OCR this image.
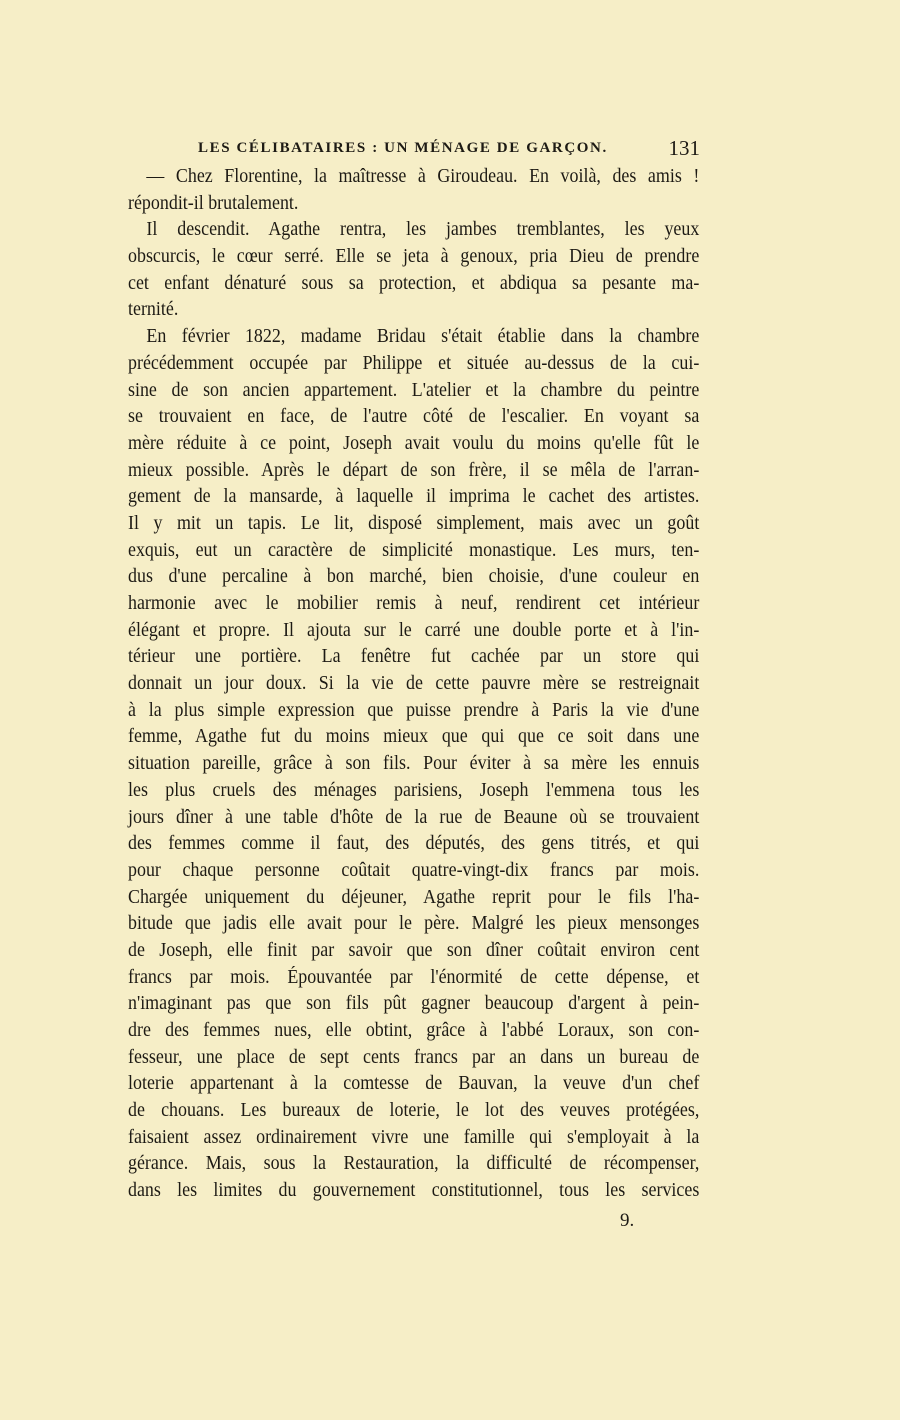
LES CÉLIBATAIRES : UN MÉNAGE DE GARÇON.	131
— Chez Florentine, la maîtresse à Giroudeau. En voilà, des amis !
répondit-il brutalement.
Il descendit. Agathe rentra, les jambes tremblantes, les yeux
obscurcis, le cœur serré. Elle se jeta à genoux, pria Dieu de prendre
cet enfant dénaturé sous sa protection, et abdiqua sa pesante ma-
ternité.
En février 1822, madame Bridau s'était établie dans la chambre
précédemment occupée par Philippe et située au-dessus de la cui-
sine de son ancien appartement. L'atelier et la chambre du peintre
se trouvaient en face, de l'autre côté de l'escalier. En voyant sa
mère réduite à ce point, Joseph avait voulu du moins qu'elle fût le
mieux possible. Après le départ de son frère, il se mêla de l'arran-
gement de la mansarde, à laquelle il imprima le cachet des artistes.
Il y mit un tapis. Le lit, disposé simplement, mais avec un goût
exquis, eut un caractère de simplicité monastique. Les murs, ten-
dus d'une percaline à bon marché, bien choisie, d'une couleur en
harmonie avec le mobilier remis à neuf, rendirent cet intérieur
élégant et propre. Il ajouta sur le carré une double porte et à l'in-
térieur une portière. La fenêtre fut cachée par un store qui
donnait un jour doux. Si la vie de cette pauvre mère se restreignait
à la plus simple expression que puisse prendre à Paris la vie d'une
femme, Agathe fut du moins mieux que qui que ce soit dans une
situation pareille, grâce à son fils. Pour éviter à sa mère les ennuis
les plus cruels des ménages parisiens, Joseph l'emmena tous les
jours dîner à une table d'hôte de la rue de Beaune où se trouvaient
des femmes comme il faut, des députés, des gens titrés, et qui
pour chaque personne coûtait quatre-vingt-dix francs par mois.
Chargée uniquement du déjeuner, Agathe reprit pour le fils l'ha-
bitude que jadis elle avait pour le père. Malgré les pieux mensonges
de Joseph, elle finit par savoir que son dîner coûtait environ cent
francs par mois. Épouvantée par l'énormité de cette dépense, et
n'imaginant pas que son fils pût gagner beaucoup d'argent à pein-
dre des femmes nues, elle obtint, grâce à l'abbé Loraux, son con-
fesseur, une place de sept cents francs par an dans un bureau de
loterie appartenant à la comtesse de Bauvan, la veuve d'un chef
de chouans. Les bureaux de loterie, le lot des veuves protégées,
faisaient assez ordinairement vivre une famille qui s'employait à la
gérance. Mais, sous la Restauration, la difficulté de récompenser,
dans les limites du gouvernement constitutionnel, tous les services
9.
